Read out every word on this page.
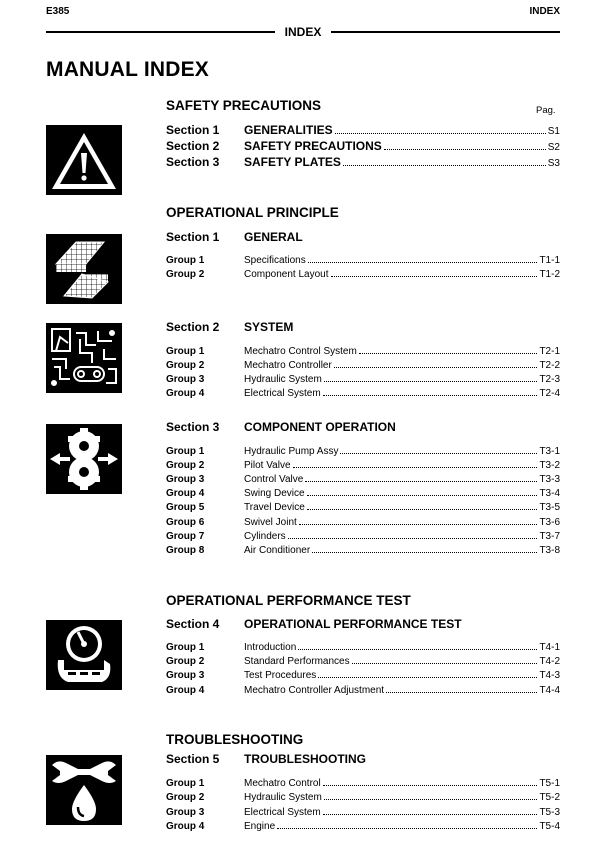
E385	INDEX
INDEX
MANUAL INDEX
SAFETY PRECAUTIONS	Pag.
Section 1	GENERALITIES	S1
Section 2	SAFETY PRECAUTIONS	S2
Section 3	SAFETY PLATES	S3
OPERATIONAL PRINCIPLE
Section 1 GENERAL
Group 1	Specifications	T1-1
Group 2	Component Layout	T1-2
Section 2 SYSTEM
Group 1	Mechatro Control System	T2-1
Group 2	Mechatro Controller	T2-2
Group 3	Hydraulic System	T2-3
Group 4	Electrical System	T2-4
Section 3 COMPONENT OPERATION
Group 1	Hydraulic Pump Assy	T3-1
Group 2	Pilot Valve	T3-2
Group 3	Control Valve	T3-3
Group 4	Swing Device	T3-4
Group 5	Travel Device	T3-5
Group 6	Swivel Joint	T3-6
Group 7	Cylinders	T3-7
Group 8	Air Conditioner	T3-8
OPERATIONAL PERFORMANCE TEST
Section 4 OPERATIONAL PERFORMANCE TEST
Group 1	Introduction	T4-1
Group 2	Standard Performances	T4-2
Group 3	Test Procedures	T4-3
Group 4	Mechatro Controller Adjustment	T4-4
TROUBLESHOOTING
Section 5 TROUBLESHOOTING
Group 1	Mechatro Control	T5-1
Group 2	Hydraulic System	T5-2
Group 3	Electrical System	T5-3
Group 4	Engine	T5-4
